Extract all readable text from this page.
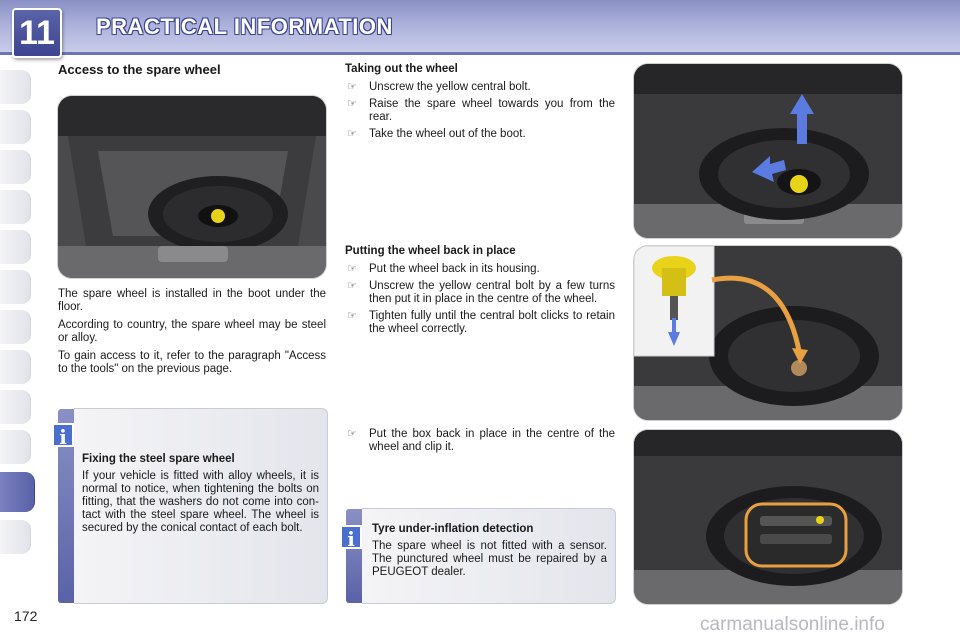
11	PRACTICAL INFORMATION
172
Access to the spare wheel

The spare wheel is installed in the boot under the floor.

According to country, the spare wheel may be steel or alloy.

To gain access to it, refer to the paragraph "Access to the tools" on the previous page.

i

Fixing the steel spare wheel

If your vehicle is fitted with alloy wheels, it is normal to notice, when tightening the bolts on fitting, that the washers do not come into con-tact with the steel spare wheel. The wheel is secured by the conical contact of each bolt.

Taking out the wheel

☞ Unscrew the yellow central bolt.
☞ Raise the spare wheel towards you from the rear.
☞ Take the wheel out of the boot.

Putting the wheel back in place

☞ Put the wheel back in its housing.
☞ Unscrew the yellow central bolt by a few turns then put it in place in the centre of the wheel.
☞ Tighten fully until the central bolt clicks to retain the wheel correctly.
☞ Put the box back in place in the centre of the wheel and clip it.
i	Tyre under-inflation detection

The spare wheel is not fitted with a sensor. The punctured wheel must be repaired by a PEUGEOT dealer.

carmanualsonline.info
